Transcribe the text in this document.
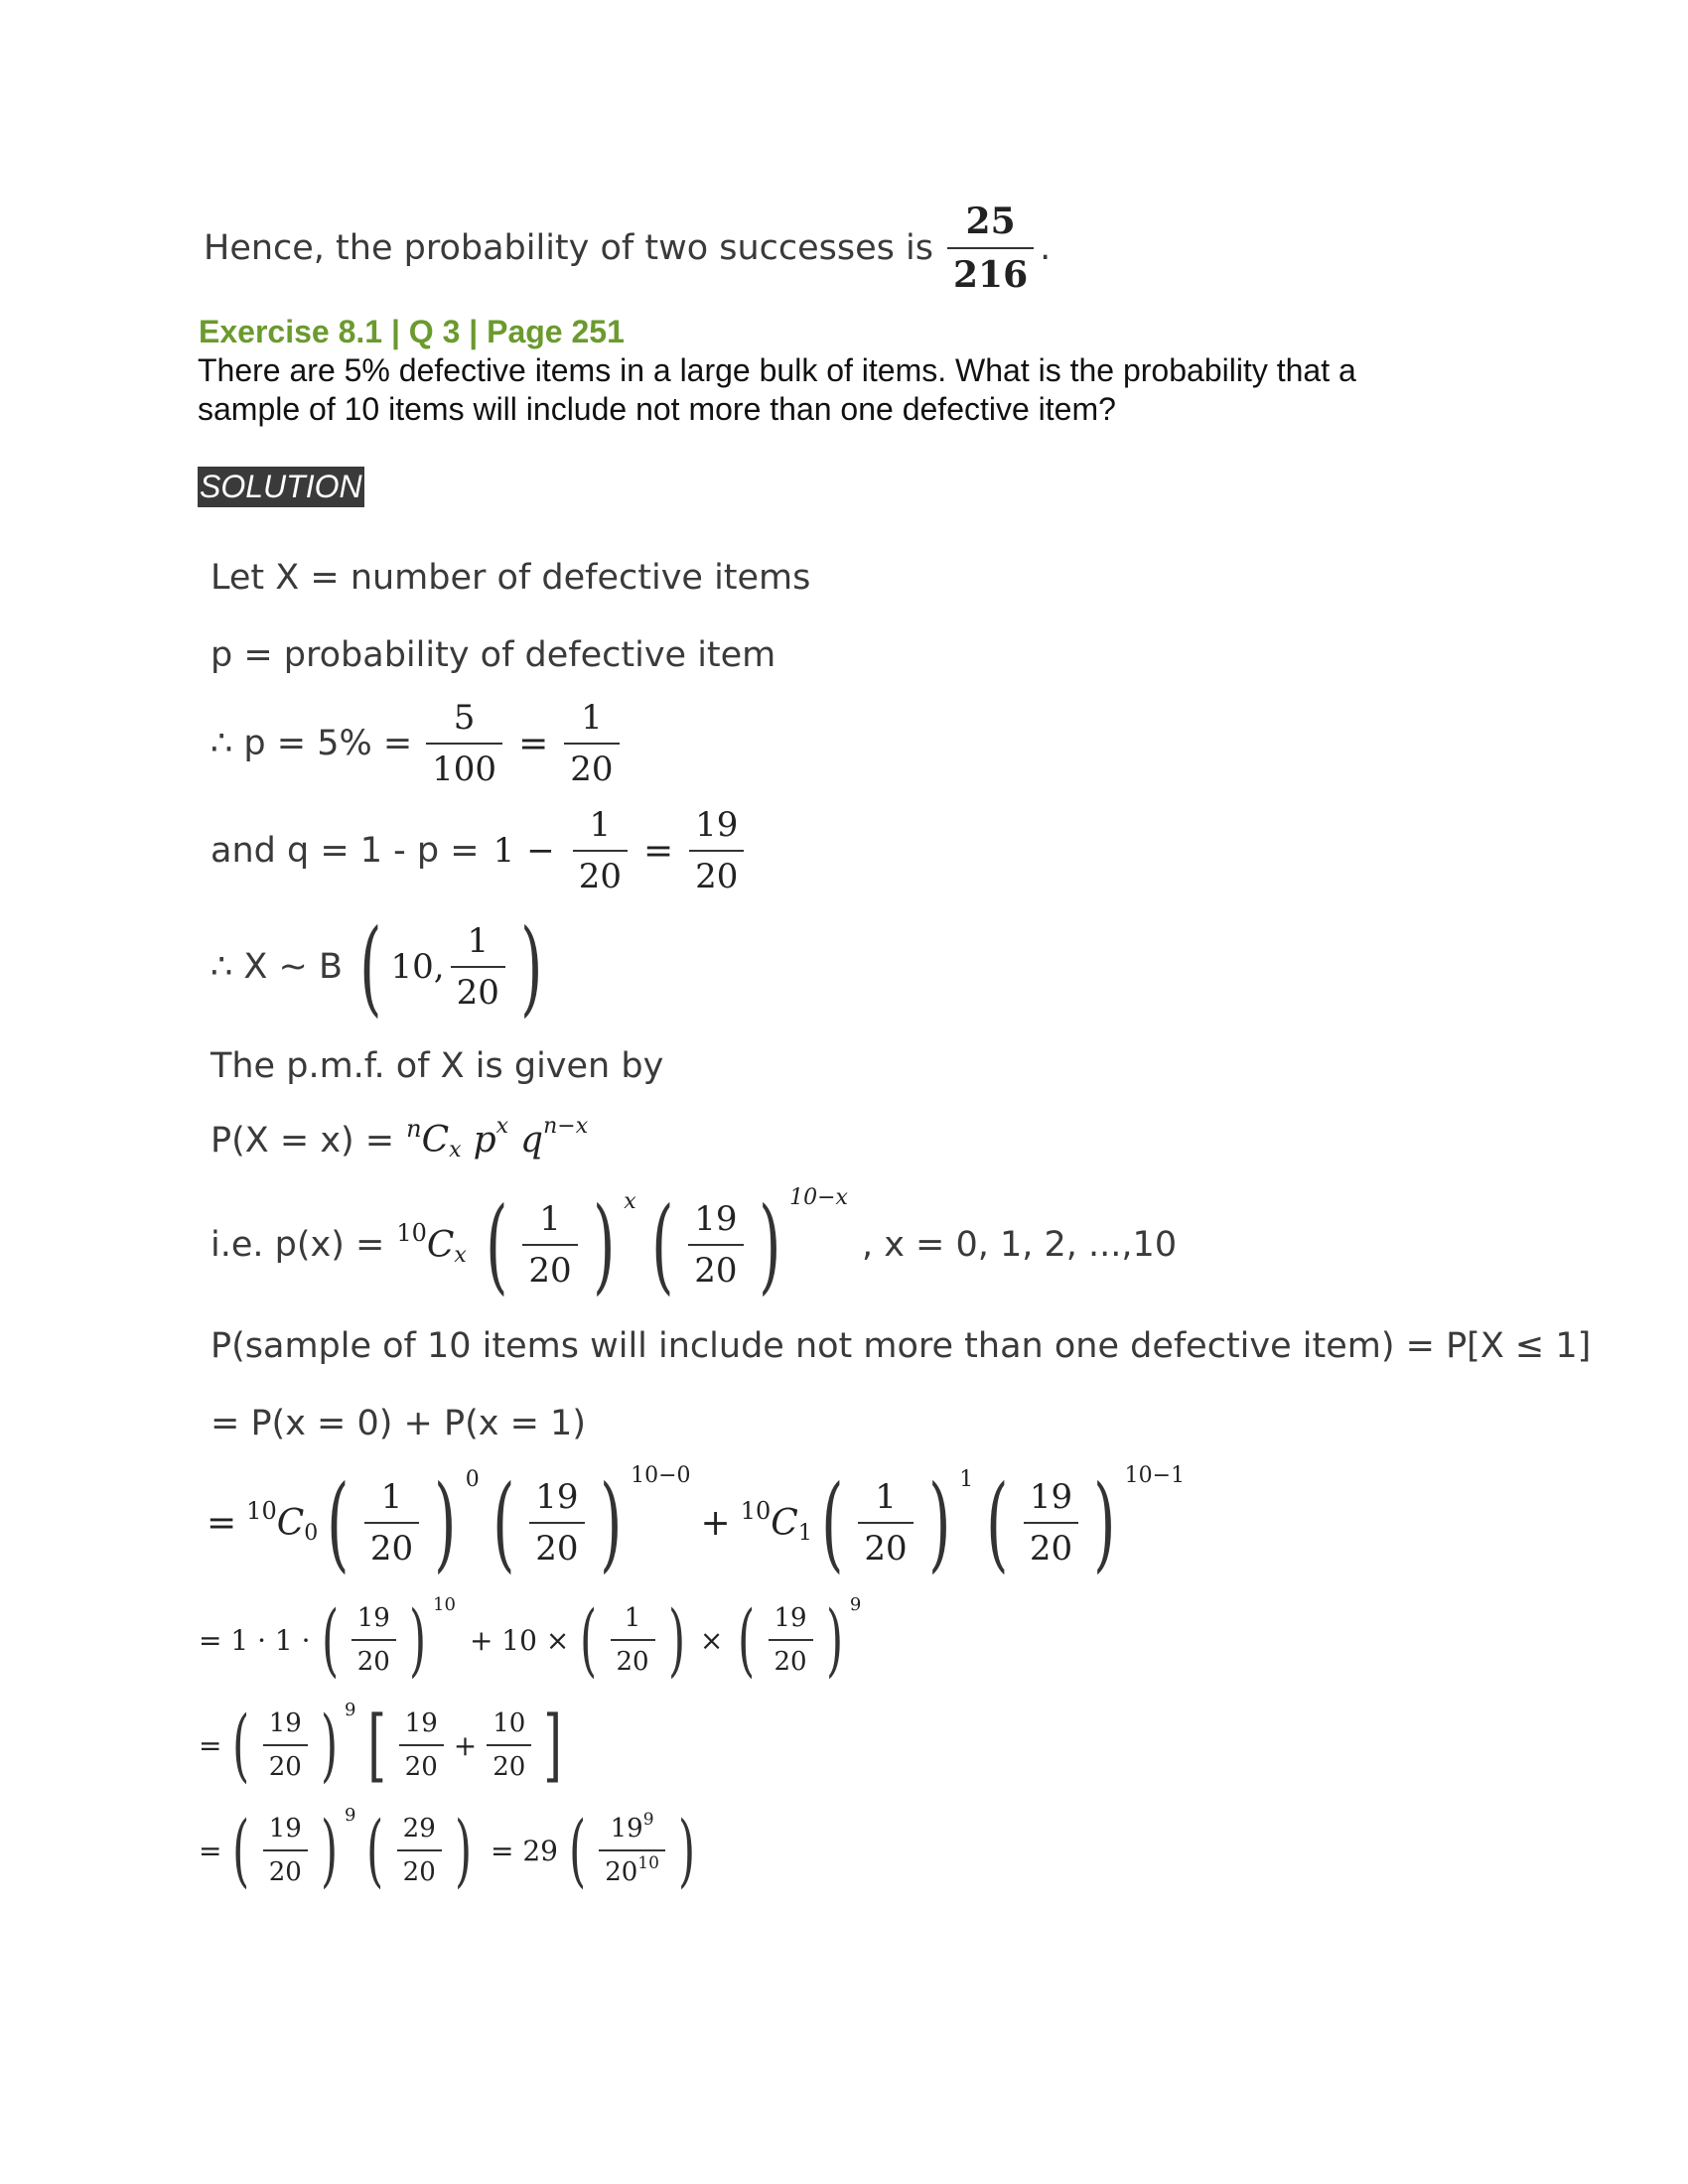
Hence, the probability of two successes is $\frac{25}{216}$ .
Exercise 8.1 | Q 3 | Page 251
There are 5% defective items in a large bulk of items. What is the probability that a
sample of 10 items will include not more than one defective item?
SOLUTION
Let X = number of defective items
p = probability of defective item
∴ $p = 5\% = \frac{5}{100} = \frac{1}{20}$
and $q = 1 - p = 1 - \frac{1}{20} = \frac{19}{20}$
∴ X ~ B ( 10, $\frac{1}{20}$ )
The p.m.f. of X is given by
P(X = x) = n C x p x q n−x
i.e. p(x) = 10 C x ( $\frac{1}{20}$ ) x ( $\frac{19}{20}$ ) 10−x
, x = 0, 1, 2, ...,10
P(sample of 10 items will include not more than one defective item) = P[X ≤ 1]
= P(x = 0) + P(x = 1)
= 10 C 0 ( $\frac{1}{20}$ ) 0 ( $\frac{19}{20}$ ) 10−0
+ 10 C 1 ( $\frac{1}{20}$ ) 1 ( $\frac{19}{20}$ ) 10−1
= 1 · 1 · ( $\frac{19}{20}$ ) 10
+ 10 × ( $\frac{1}{20}$ ) × ( $\frac{19}{20}$ ) 9
= ( $\frac{19}{20}$ ) 9 [ $\frac{19}{20} + \frac{10}{20}$ ]
= ( $\frac{19}{20}$ ) 9 ( $\frac{29}{20}$ ) = 29 ( $\frac{19^9}{20^{10}}$ )
